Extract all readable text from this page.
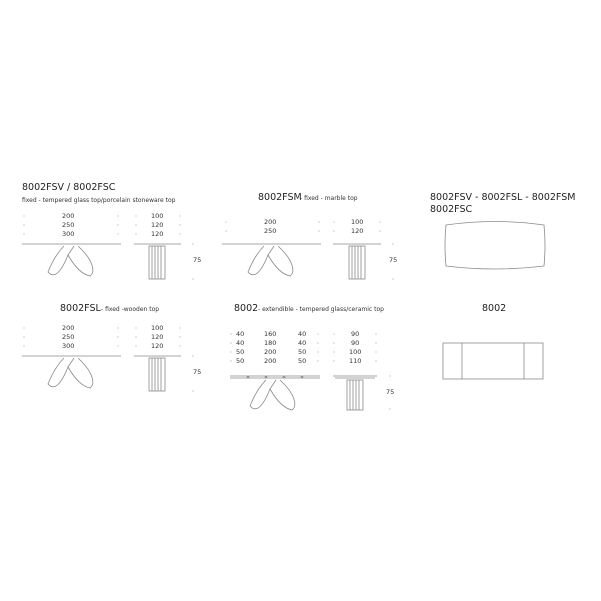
8002FSV / 8002FSC
fixed - tempered glass top/porcelain stoneware top
200
250
300
100
120
120
75
8002FSM
- fixed - marble top
200
250
100
120
75
8002FSV - 8002FSL - 8002FSM
8002FSC
8002FSL - fixed -wooden top
200
250
300
100
120
120
75
8002 - extendible - tempered glass/ceramic top
40	160	40
40	180	40
50	200	50
50	200	50
90
90
100
110
75
8002
